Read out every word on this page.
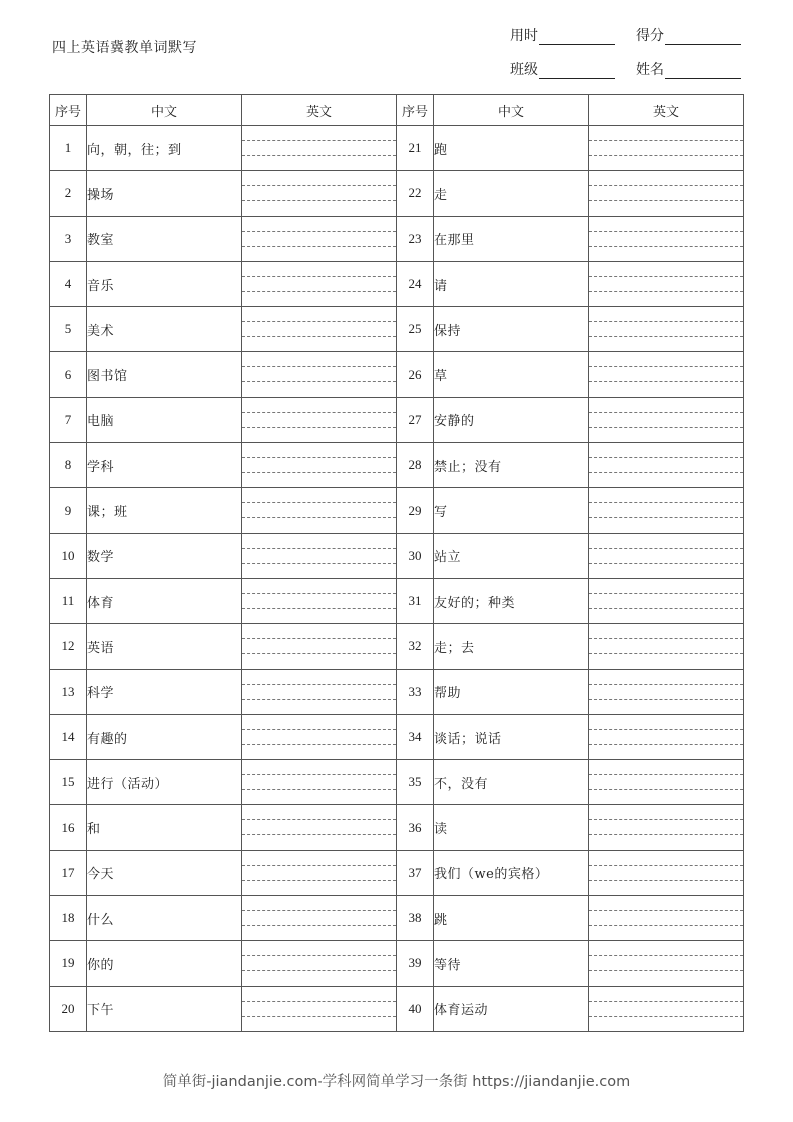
四上英语冀教单词默写
用时	得分
班级	姓名
序号	中文	英文	序号	中文	英文
1	向，朝，往；到		21	跑	

2	操场		22	走	

3	教室		23	在那里	

4	音乐		24	请	

5	美术		25	保持	

6	图书馆		26	草	

7	电脑		27	安静的	

8	学科		28	禁止；没有	

9	课；班		29	写	

10	数学		30	站立	

11	体育		31	友好的；种类	

12	英语		32	走；去	

13	科学		33	帮助	

14	有趣的		34	谈话；说话	

15	进行（活动）		35	不，没有	

16	和		36	读	

17	今天		37	我们（we的宾格）	

18	什么		38	跳	

19	你的		39	等待	

20	下午		40	体育运动	
简单街-jiandanjie.com-学科网简单学习一条街 https://jiandanjie.com
